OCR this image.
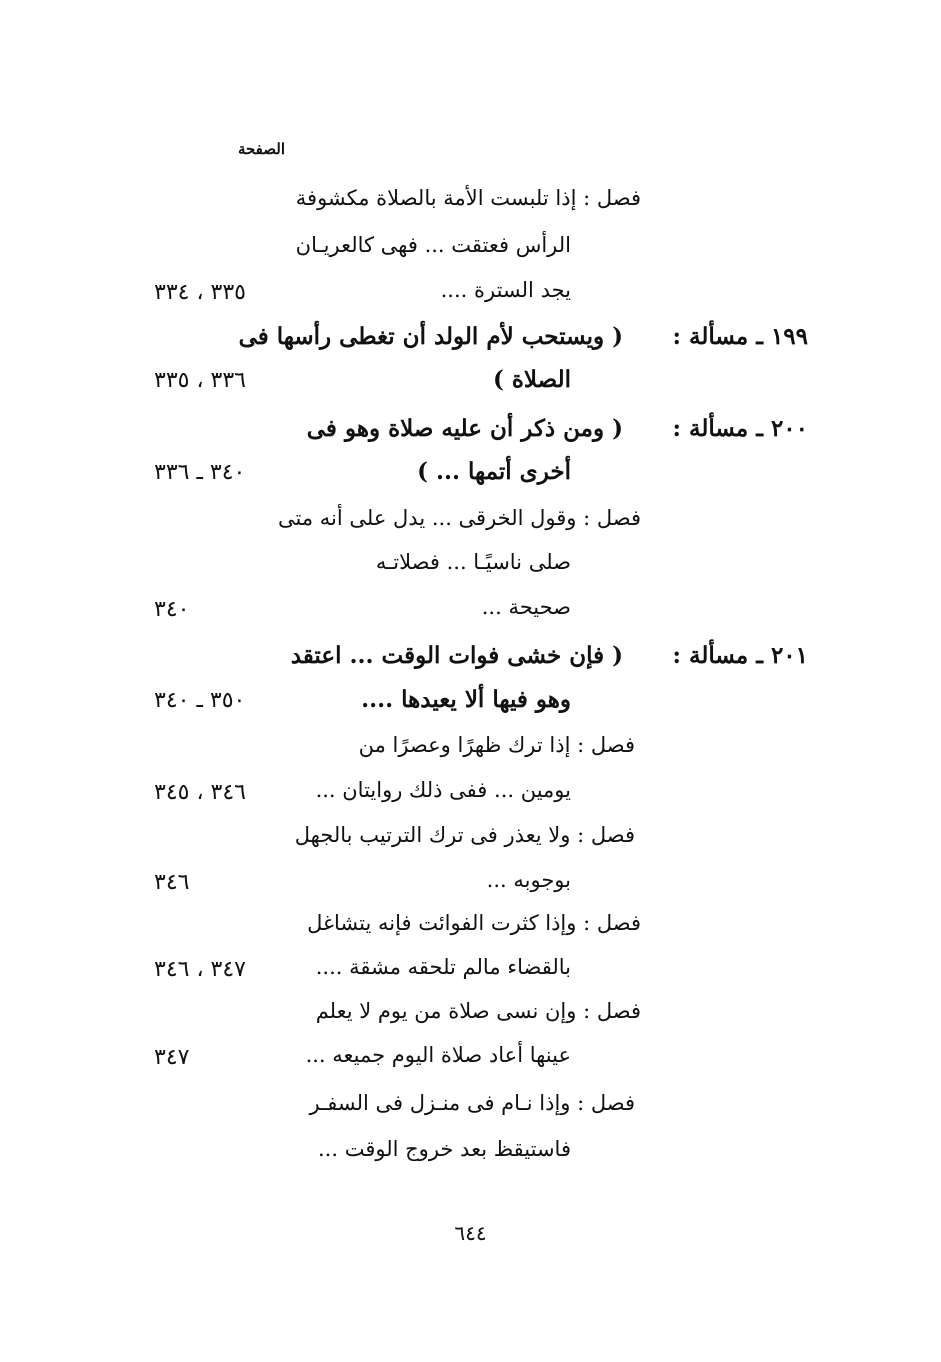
الصفحة
فصل : إذا تلبست الأمة بالصلاة مكشوفة
الرأس فعتقت ... فهى كالعريـان
يجد السترة ....
٣٣٥ ، ٣٣٤
١٩٩ ـ مسألة :
( ويستحب لأم الولد أن تغطى رأسها فى
الصلاة )
٣٣٦ ، ٣٣٥
٢٠٠ ـ مسألة :
( ومن ذكر أن عليه صلاة وهو فى
أخرى أتمها ... )
٣٤٠ ـ ٣٣٦
فصل : وقول الخرقى ... يدل على أنه متى
صلى ناسيًـا ... فصلاتـه
صحيحة ...
٣٤٠
٢٠١ ـ مسألة :
( فإن خشى فوات الوقت ... اعتقد
وهو فيها ألا يعيدها ....
٣٥٠ ـ ٣٤٠
فصل : إذا ترك ظهرًا وعصرًا من
يومين ... ففى ذلك روايتان ...
٣٤٦ ، ٣٤٥
فصل : ولا يعذر فى ترك الترتيب بالجهل
بوجوبه ...
٣٤٦
فصل : وإذا كثرت الفوائت فإنه يتشاغل
بالقضاء مالم تلحقه مشقة ....
٣٤٧ ، ٣٤٦
فصل : وإن نسى صلاة من يوم لا يعلم
عينها أعاد صلاة اليوم جميعه ...
٣٤٧
فصل : وإذا نـام فى منـزل فى السفـر
فاستيقظ بعد خروج الوقت ...
٦٤٤
